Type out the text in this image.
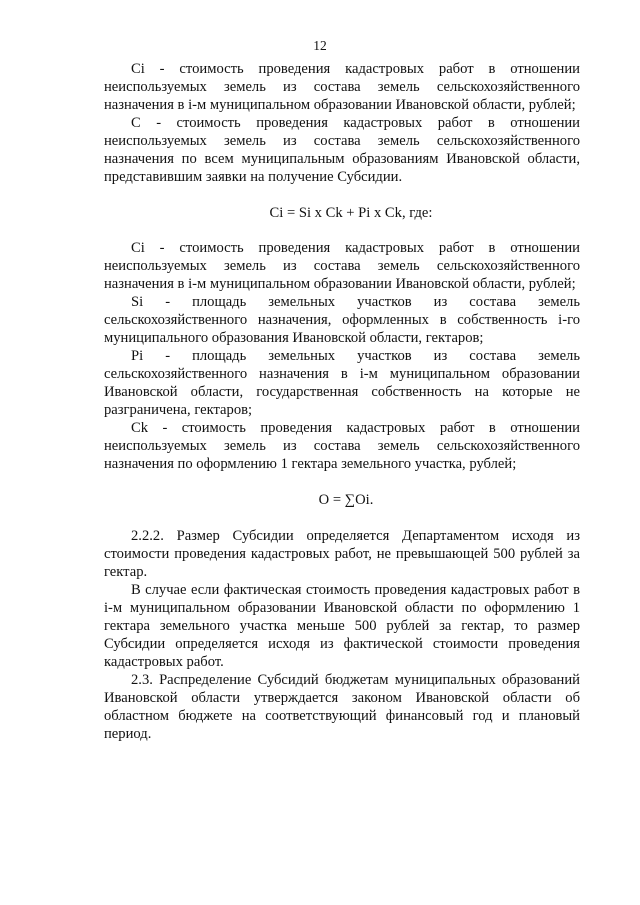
12

Ci - стоимость проведения кадастровых работ в отношении неиспользуемых земель из состава земель сельскохозяйственного назначения в i-м муниципальном образовании Ивановской области, рублей;

C - стоимость проведения кадастровых работ в отношении неиспользуемых земель из состава земель сельскохозяйственного назначения по всем муниципальным образованиям Ивановской области, представившим заявки на получение Субсидии.

Ci = Si x Ck + Pi x Ck, где:

Ci - стоимость проведения кадастровых работ в отношении неиспользуемых земель из состава земель сельскохозяйственного назначения в i-м муниципальном образовании Ивановской области, рублей;

Si - площадь земельных участков из состава земель сельскохозяйственного назначения, оформленных в собственность i-го муниципального образования Ивановской области, гектаров;

Pi - площадь земельных участков из состава земель сельскохозяйственного назначения в i-м муниципальном образовании Ивановской области, государственная собственность на которые не разграничена, гектаров;

Ck - стоимость проведения кадастровых работ в отношении неиспользуемых земель из состава земель сельскохозяйственного назначения по оформлению 1 гектара земельного участка, рублей;

O = ∑Oi.

2.2.2. Размер Субсидии определяется Департаментом исходя из стоимости проведения кадастровых работ, не превышающей 500 рублей за гектар.

В случае если фактическая стоимость проведения кадастровых работ в i-м муниципальном образовании Ивановской области по оформлению 1 гектара земельного участка меньше 500 рублей за гектар, то размер Субсидии определяется исходя из фактической стоимости проведения кадастровых работ.

2.3. Распределение Субсидий бюджетам муниципальных образований Ивановской области утверждается законом Ивановской области об областном бюджете на соответствующий финансовый год и плановый период.
